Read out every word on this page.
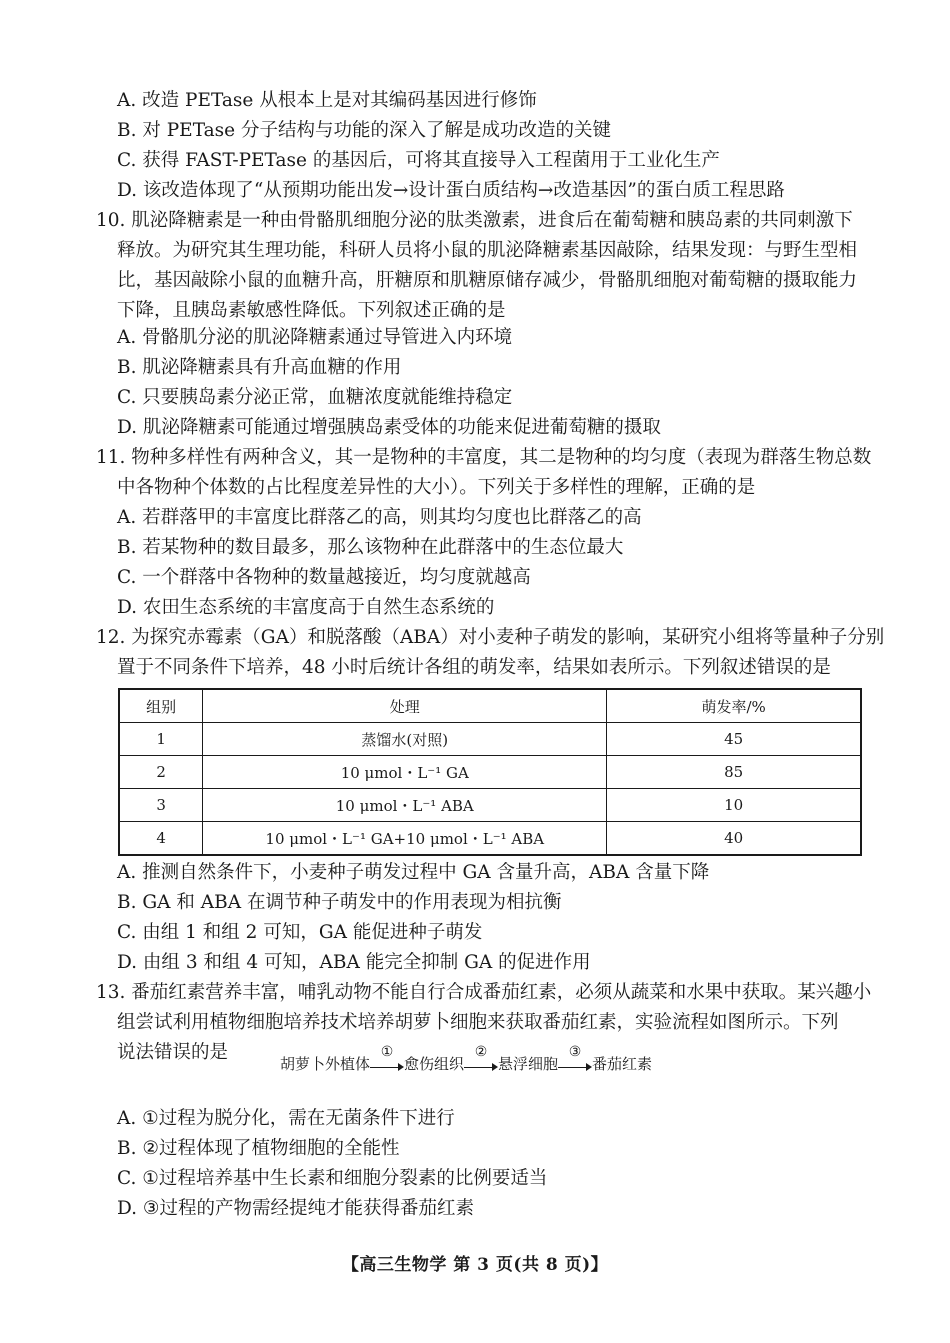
A. 改造 PETase 从根本上是对其编码基因进行修饰
B. 对 PETase 分子结构与功能的深入了解是成功改造的关键
C. 获得 FAST-PETase 的基因后，可将其直接导入工程菌用于工业化生产
D. 该改造体现了“从预期功能出发→设计蛋白质结构→改造基因”的蛋白质工程思路
10. 肌泌降糖素是一种由骨骼肌细胞分泌的肽类激素，进食后在葡萄糖和胰岛素的共同刺激下
释放。为研究其生理功能，科研人员将小鼠的肌泌降糖素基因敲除，结果发现：与野生型相
比，基因敲除小鼠的血糖升高，肝糖原和肌糖原储存减少，骨骼肌细胞对葡萄糖的摄取能力
下降，且胰岛素敏感性降低。下列叙述正确的是
A. 骨骼肌分泌的肌泌降糖素通过导管进入内环境
B. 肌泌降糖素具有升高血糖的作用
C. 只要胰岛素分泌正常，血糖浓度就能维持稳定
D. 肌泌降糖素可能通过增强胰岛素受体的功能来促进葡萄糖的摄取
11. 物种多样性有两种含义，其一是物种的丰富度，其二是物种的均匀度（表现为群落生物总数
中各物种个体数的占比程度差异性的大小）。下列关于多样性的理解，正确的是
A. 若群落甲的丰富度比群落乙的高，则其均匀度也比群落乙的高
B. 若某物种的数目最多，那么该物种在此群落中的生态位最大
C. 一个群落中各物种的数量越接近，均匀度就越高
D. 农田生态系统的丰富度高于自然生态系统的
12. 为探究赤霉素（GA）和脱落酸（ABA）对小麦种子萌发的影响，某研究小组将等量种子分别
置于不同条件下培养，48 小时后统计各组的萌发率，结果如表所示。下列叙述错误的是
组别	处理	萌发率/%
1	蒸馏水(对照)	45
2	10 μmol・L⁻¹ GA	85
3	10 μmol・L⁻¹ ABA	10
4	10 μmol・L⁻¹ GA+10 μmol・L⁻¹ ABA	40
A. 推测自然条件下，小麦种子萌发过程中 GA 含量升高，ABA 含量下降
B. GA 和 ABA 在调节种子萌发中的作用表现为相抗衡
C. 由组 1 和组 2 可知，GA 能促进种子萌发
D. 由组 3 和组 4 可知，ABA 能完全抑制 GA 的促进作用
13. 番茄红素营养丰富，哺乳动物不能自行合成番茄红素，必须从蔬菜和水果中获取。某兴趣小
组尝试利用植物细胞培养技术培养胡萝卜细胞来获取番茄红素，实验流程如图所示。下列
说法错误的是
胡萝卜外植体
①
愈伤组织
②
悬浮细胞
③
番茄红素
A. ①过程为脱分化，需在无菌条件下进行
B. ②过程体现了植物细胞的全能性
C. ①过程培养基中生长素和细胞分裂素的比例要适当
D. ③过程的产物需经提纯才能获得番茄红素
【高三生物学 第 3 页(共 8 页)】
